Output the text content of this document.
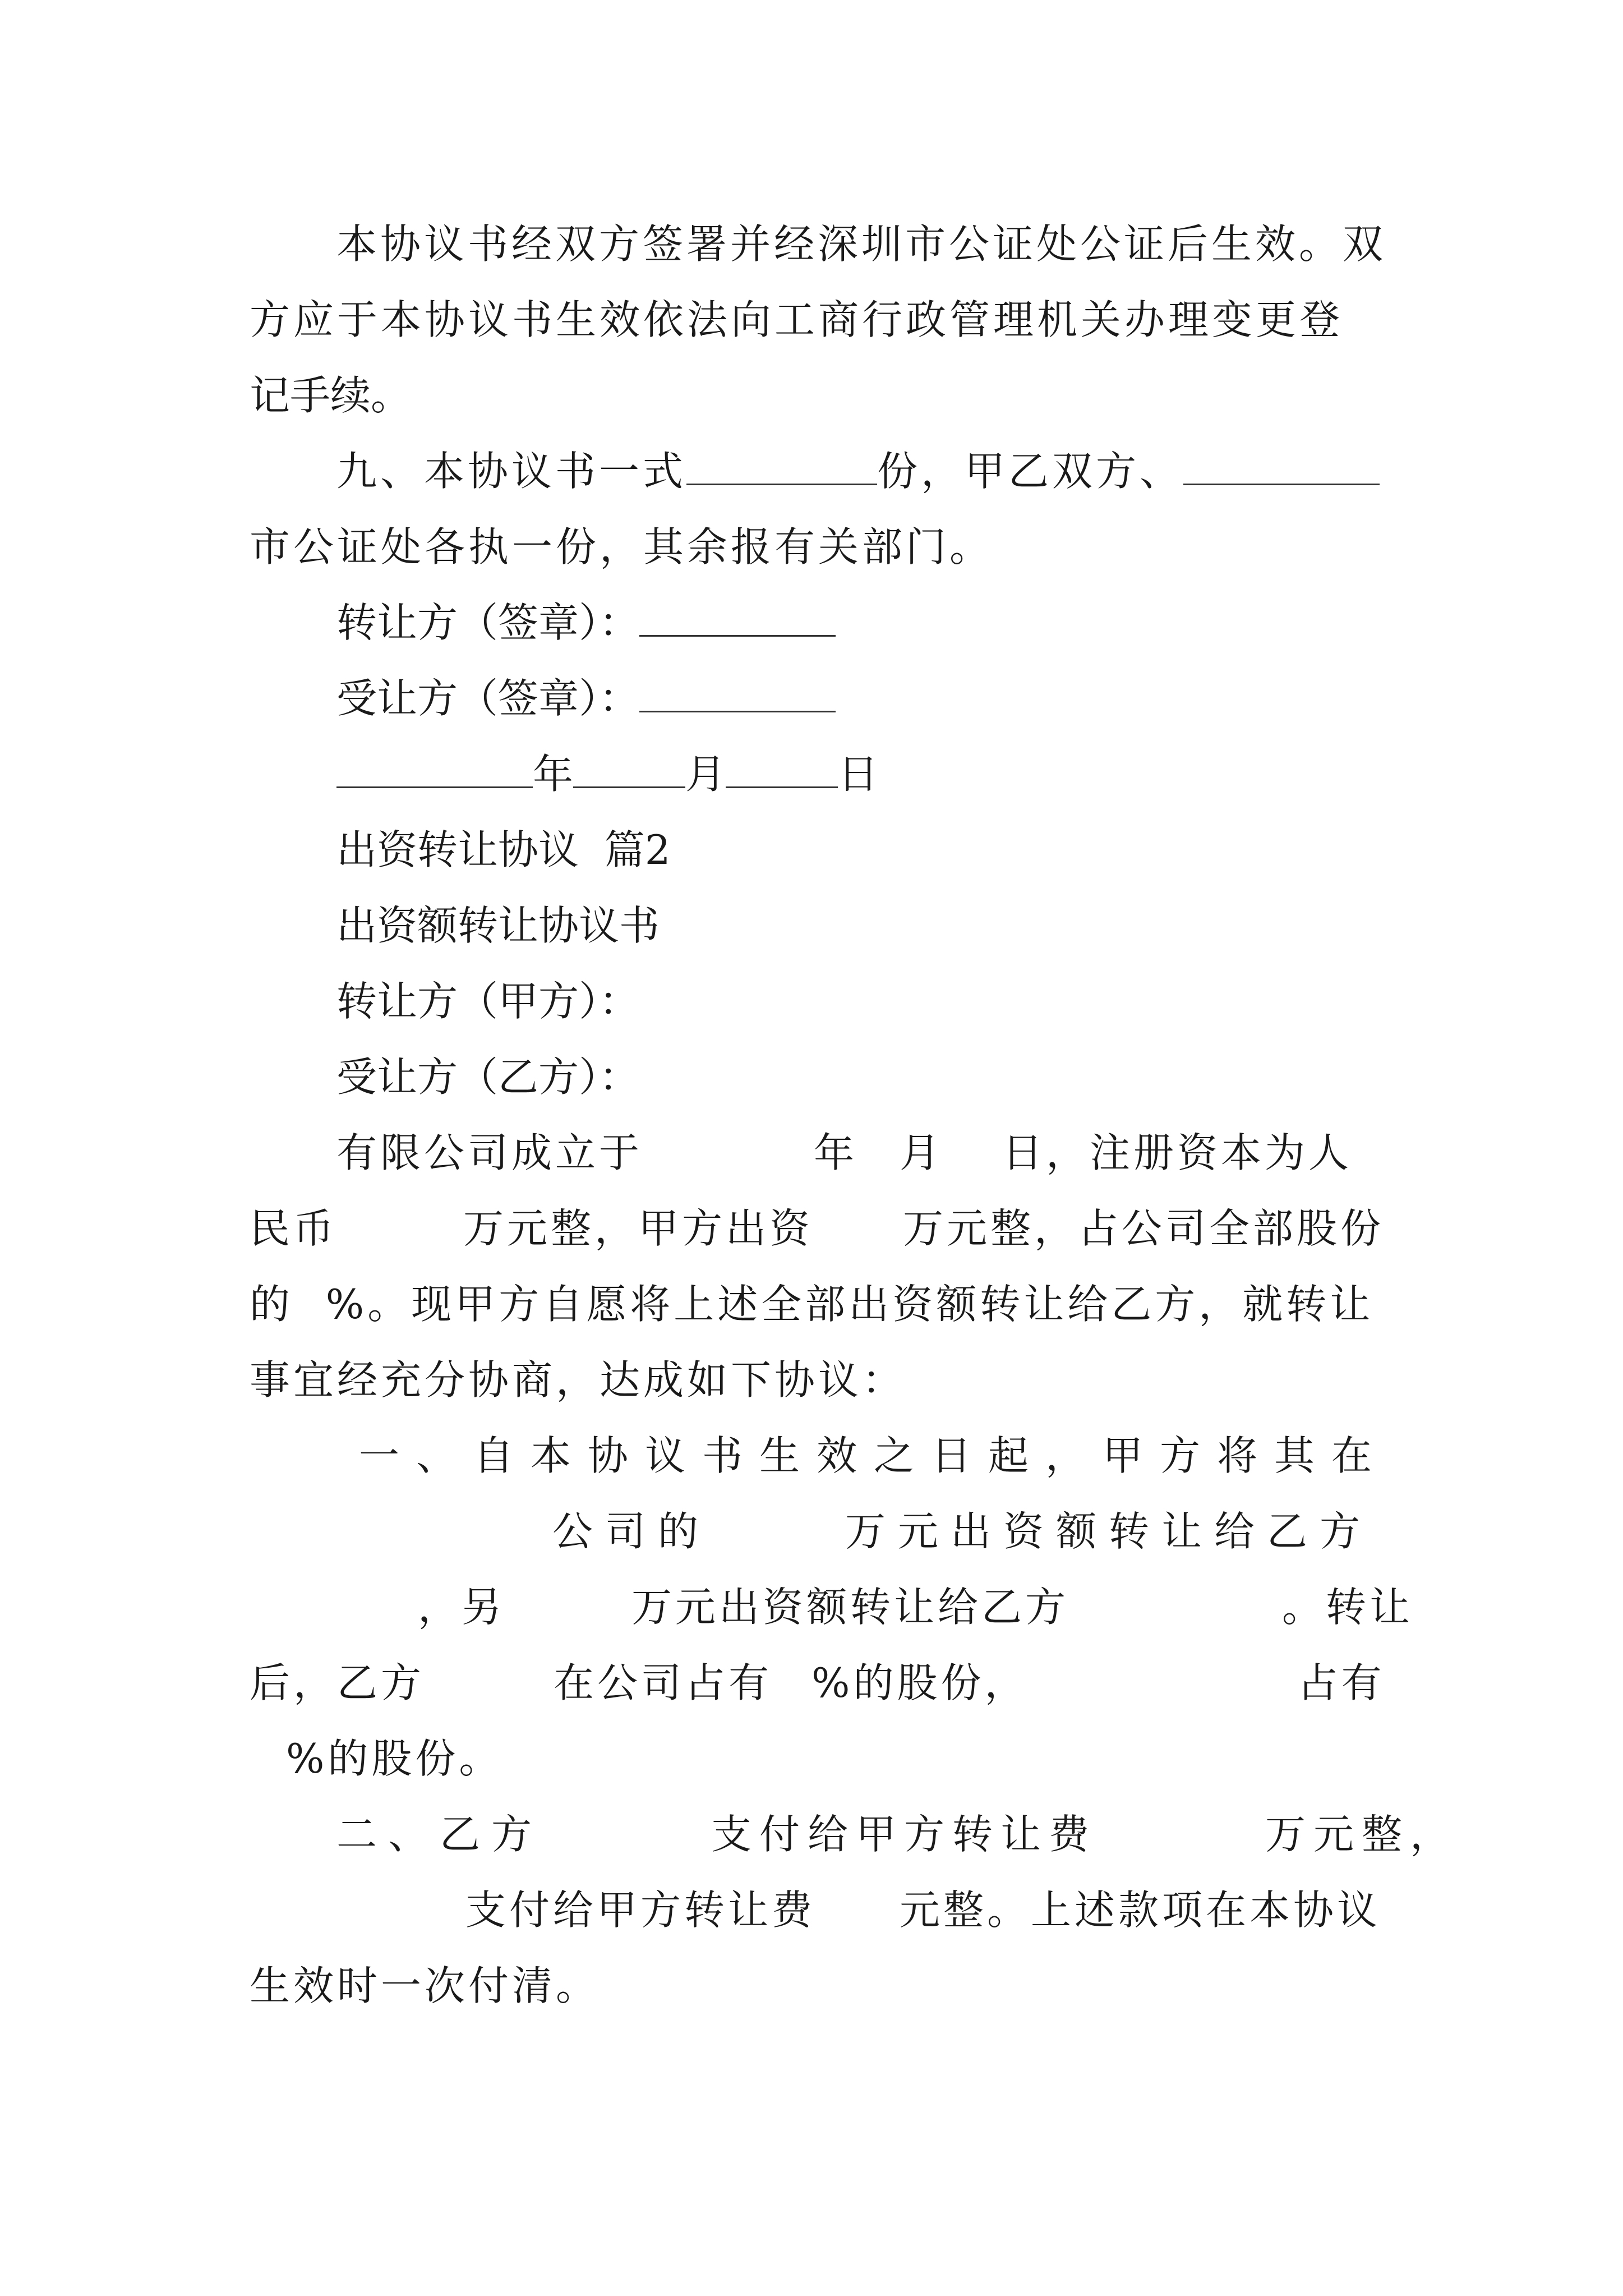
本协议书经双方签署并经深圳市公证处公证后生效。双
方应于本协议书生效依法向工商行政管理机关办理变更登
记手续。
九、本协议书一式	份，甲乙双方、
市公证处各执一份，其余报有关部门。
转让方（签章）：
受让方（签章）：
年	月	日
出资转让协议  篇2
出资额转让协议书
转让方（甲方）：
受让方（乙方）：
有限公司成立于	年 月 日，注册资本为人
民币	万元整，甲方出资 万元整，占公司全部股份
的  %。现甲方自愿将上述全部出资额转让给乙方，就转让
事宜经充分协商，达成如下协议：
一、自本协议书生效之日起，甲方将其在
公司的	万元出资额转让给乙方
，另	万元出资额转让给乙方	。转让
后，乙方	在公司占有 %的股份，	占有
%的股份。
二、乙方	支付给甲方转让费	万元整，
支付给甲方转让费 元整。上述款项在本协议
生效时一次付清。
